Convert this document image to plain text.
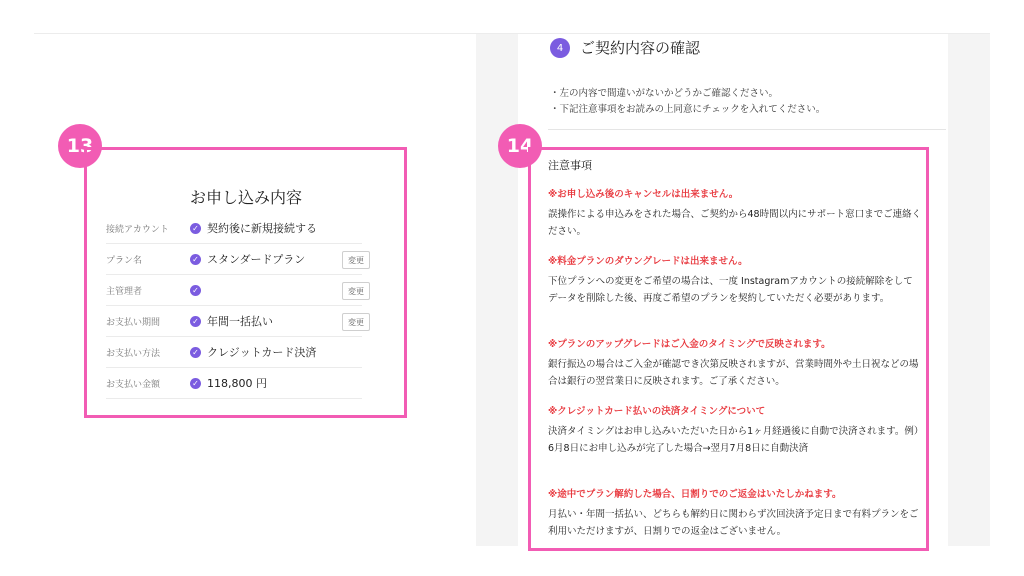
13
お申し込み内容
接続アカウント	✓ 契約後に新規接続する
プラン名	✓ スタンダードプラン	変更
主管理者	✓	変更
お支払い期間	✓ 年間一括払い	変更
お支払い方法	✓ クレジットカード決済
お支払い金額	✓ 118,800 円
4	ご契約内容の確認
・左の内容で間違いがないかどうかご確認ください。
・下記注意事項をお読みの上同意にチェックを入れてください。
14
注意事項
※お申し込み後のキャンセルは出来ません。
誤操作による申込みをされた場合、ご契約から48時間以内にサポート窓口までご連絡ください。
※料金プランのダウングレードは出来ません。
下位プランへの変更をご希望の場合は、一度 Instagramアカウントの接続解除をしてデータを削除した後、再度ご希望のプランを契約していただく必要があります。
※プランのアップグレードはご入金のタイミングで反映されます。
銀行振込の場合はご入金が確認でき次第反映されますが、営業時間外や土日祝などの場合は銀行の翌営業日に反映されます。ご了承ください。
※クレジットカード払いの決済タイミングについて
決済タイミングはお申し込みいただいた日から1ヶ月経過後に自動で決済されます。例）6月8日にお申し込みが完了した場合→翌月7月8日に自動決済
※途中でプラン解約した場合、日割りでのご返金はいたしかねます。
月払い・年間一括払い、どちらも解約日に関わらず次回決済予定日まで有料プランをご利用いただけますが、日割りでの返金はございません。
